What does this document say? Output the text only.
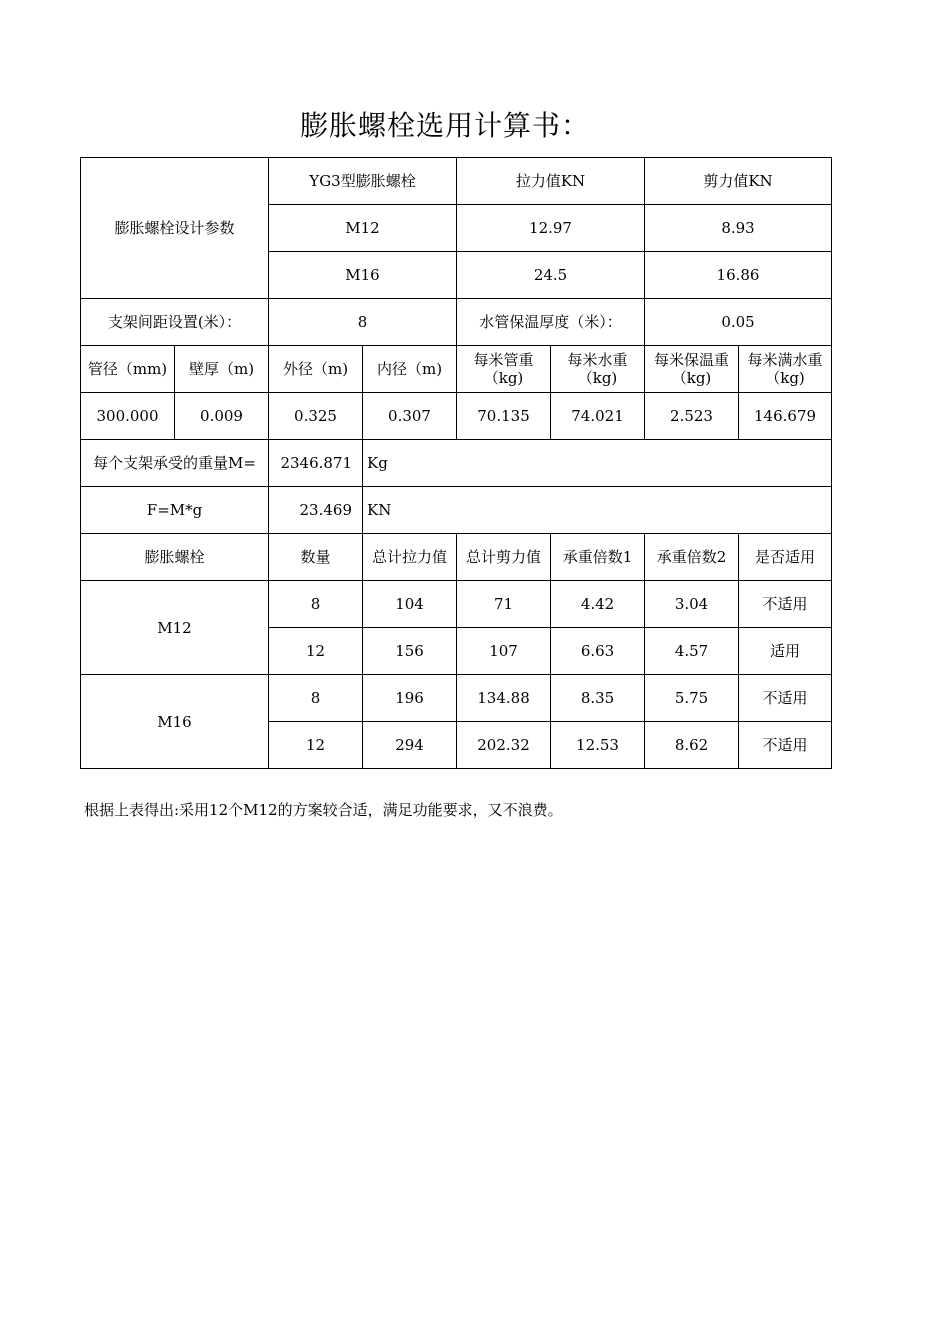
膨胀螺栓选用计算书：
膨胀螺栓设计参数		YG3型膨胀螺栓		拉力值KN		剪力值KN	
		M12		12.97		8.93	
		M16		24.5		16.86	
支架间距设置(米）：		8		水管保温厚度（米）：		0.05	
管径（mm)	壁厚（m)	外径（m)	内径（m)	每米管重（kg)	每米水重（kg)	每米保温重（kg)	每米满水重（kg)
300.000	0.009	0.325	0.307	70.135	74.021	2.523	146.679
每个支架承受的重量M=		2346.871	Kg				
F=M*g		23.469	KN				
膨胀螺栓		数量	总计拉力值	总计剪力值	承重倍数1	承重倍数2	是否适用
M12		8	104	71	4.42	3.04	不适用
		12	156	107	6.63	4.57	适用
M16		8	196	134.88	8.35	5.75	不适用
		12	294	202.32	12.53	8.62	不适用
根据上表得出:采用12个M12的方案较合适，满足功能要求，又不浪费。
